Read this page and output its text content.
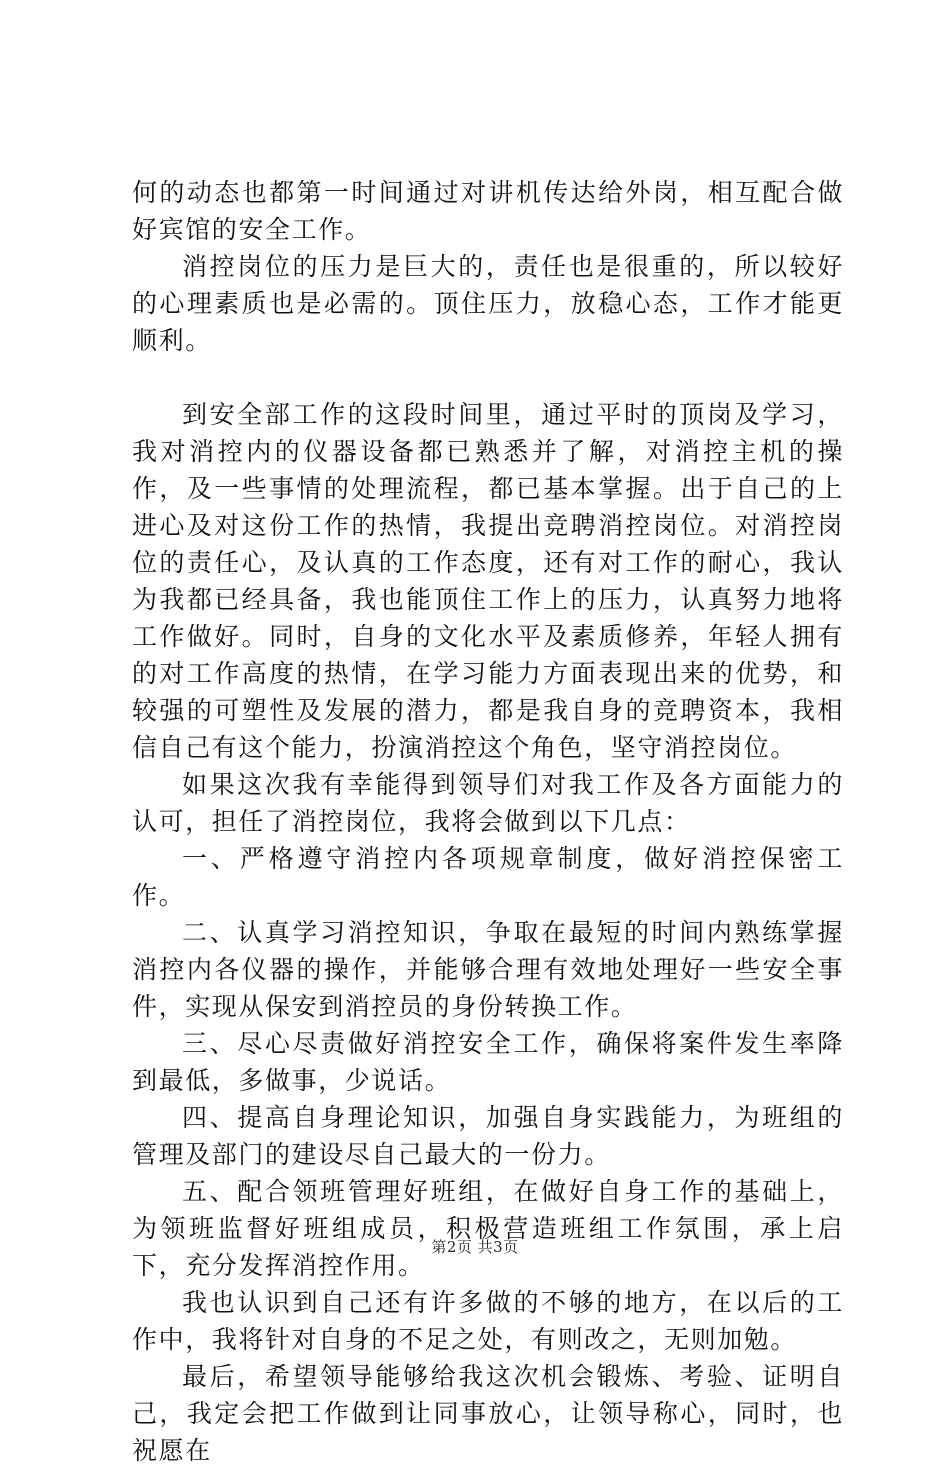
何的动态也都第一时间通过对讲机传达给外岗，相互配合做好宾馆的安全工作。

消控岗位的压力是巨大的，责任也是很重的，所以较好的心理素质也是必需的。顶住压力，放稳心态，工作才能更顺利。

到安全部工作的这段时间里，通过平时的顶岗及学习，我对消控内的仪器设备都已熟悉并了解，对消控主机的操作，及一些事情的处理流程，都已基本掌握。出于自己的上进心及对这份工作的热情，我提出竞聘消控岗位。对消控岗位的责任心，及认真的工作态度，还有对工作的耐心，我认为我都已经具备，我也能顶住工作上的压力，认真努力地将工作做好。同时，自身的文化水平及素质修养，年轻人拥有的对工作高度的热情，在学习能力方面表现出来的优势，和较强的可塑性及发展的潜力，都是我自身的竞聘资本，我相信自己有这个能力，扮演消控这个角色，坚守消控岗位。

如果这次我有幸能得到领导们对我工作及各方面能力的认可，担任了消控岗位，我将会做到以下几点：

一、严格遵守消控内各项规章制度，做好消控保密工作。

二、认真学习消控知识，争取在最短的时间内熟练掌握消控内各仪器的操作，并能够合理有效地处理好一些安全事件，实现从保安到消控员的身份转换工作。

三、尽心尽责做好消控安全工作，确保将案件发生率降到最低，多做事，少说话。

四、提高自身理论知识，加强自身实践能力，为班组的管理及部门的建设尽自己最大的一份力。

五、配合领班管理好班组，在做好自身工作的基础上，为领班监督好班组成员，积极营造班组工作氛围，承上启下，充分发挥消控作用。

我也认识到自己还有许多做的不够的地方，在以后的工作中，我将针对自身的不足之处，有则改之，无则加勉。

最后，希望领导能够给我这次机会锻炼、考验、证明自己，我定会把工作做到让同事放心，让领导称心，同时，也祝愿在

第2页 共3页
